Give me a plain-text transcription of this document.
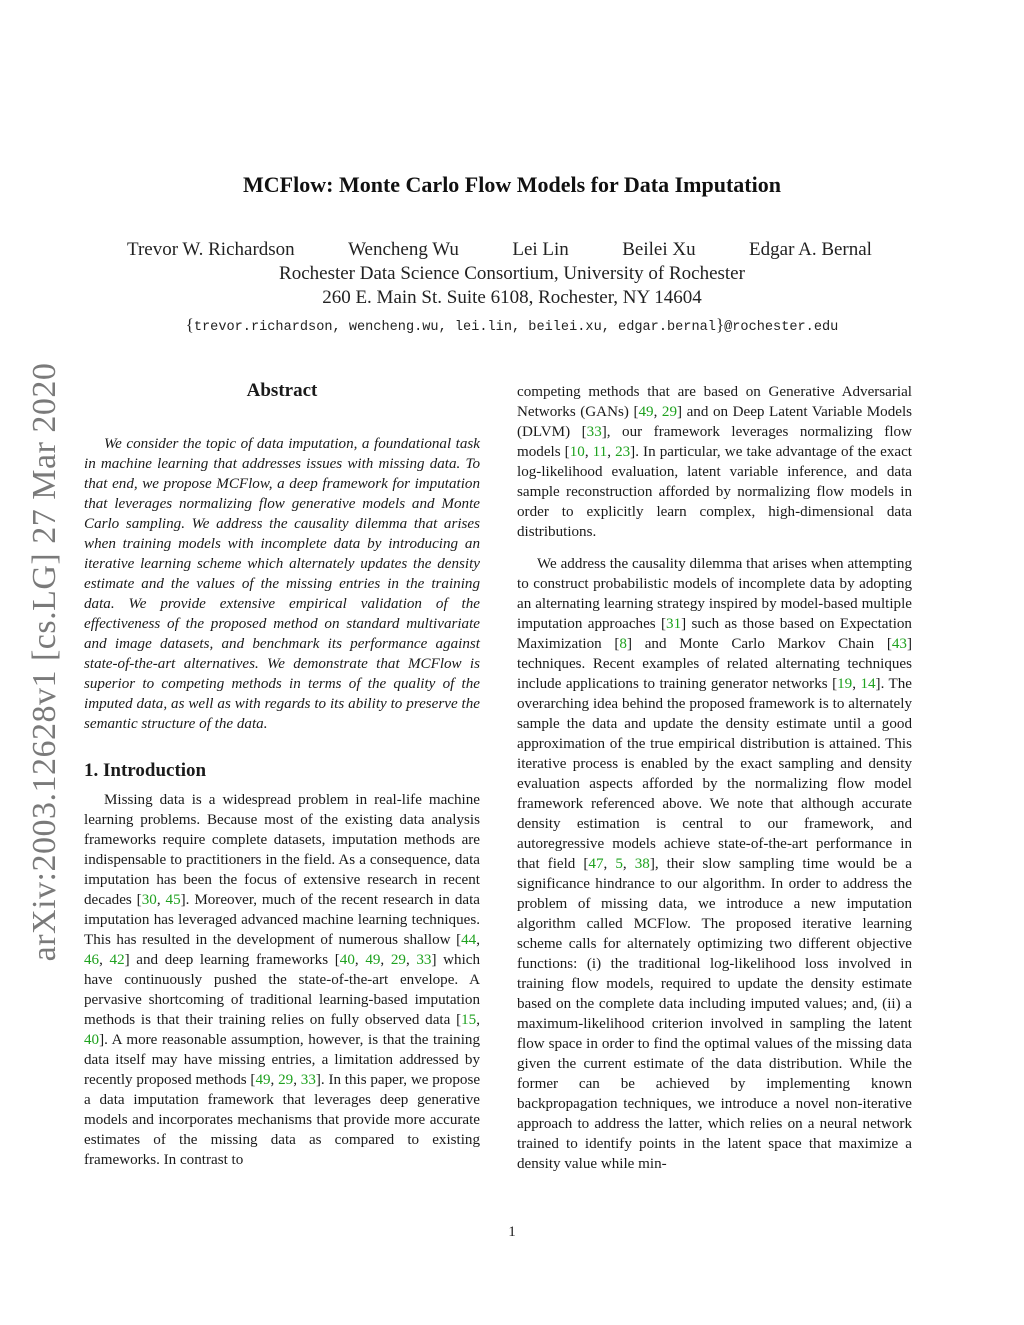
arXiv:2003.12628v1 [cs.LG] 27 Mar 2020
MCFlow: Monte Carlo Flow Models for Data Imputation
Trevor W. Richardson	Wencheng Wu	Lei Lin	Beilei Xu	Edgar A. Bernal
Rochester Data Science Consortium, University of Rochester
260 E. Main St. Suite 6108, Rochester, NY 14604
{trevor.richardson, wencheng.wu, lei.lin, beilei.xu, edgar.bernal}@rochester.edu
Abstract

We consider the topic of data imputation, a foundational task in machine learning that addresses issues with missing data. To that end, we propose MCFlow, a deep framework for imputation that leverages normalizing flow generative models and Monte Carlo sampling. We address the causality dilemma that arises when training models with incomplete data by introducing an iterative learning scheme which alternately updates the density estimate and the values of the missing entries in the training data. We provide extensive empirical validation of the effectiveness of the proposed method on standard multivariate and image datasets, and benchmark its performance against state-of-the-art alternatives. We demonstrate that MCFlow is superior to competing methods in terms of the quality of the imputed data, as well as with regards to its ability to preserve the semantic structure of the data.

1. Introduction

Missing data is a widespread problem in real-life machine learning problems. Because most of the existing data analysis frameworks require complete datasets, imputation methods are indispensable to practitioners in the field. As a consequence, data imputation has been the focus of extensive research in recent decades [30, 45]. Moreover, much of the recent research in data imputation has leveraged advanced machine learning techniques. This has resulted in the development of numerous shallow [44, 46, 42] and deep learning frameworks [40, 49, 29, 33] which have continuously pushed the state-of-the-art envelope. A pervasive shortcoming of traditional learning-based imputation methods is that their training relies on fully observed data [15, 40]. A more reasonable assumption, however, is that the training data itself may have missing entries, a limitation addressed by recently proposed methods [49, 29, 33]. In this paper, we propose a data imputation framework that leverages deep generative models and incorporates mechanisms that provide more accurate estimates of the missing data as compared to existing frameworks. In contrast to

competing methods that are based on Generative Adversarial Networks (GANs) [49, 29] and on Deep Latent Variable Models (DLVM) [33], our framework leverages normalizing flow models [10, 11, 23]. In particular, we take advantage of the exact log-likelihood evaluation, latent variable inference, and data sample reconstruction afforded by normalizing flow models in order to explicitly learn complex, high-dimensional data distributions.

We address the causality dilemma that arises when attempting to construct probabilistic models of incomplete data by adopting an alternating learning strategy inspired by model-based multiple imputation approaches [31] such as those based on Expectation Maximization [8] and Monte Carlo Markov Chain [43] techniques. Recent examples of related alternating techniques include applications to training generator networks [19, 14]. The overarching idea behind the proposed framework is to alternately sample the data and update the density estimate until a good approximation of the true empirical distribution is attained. This iterative process is enabled by the exact sampling and density evaluation aspects afforded by the normalizing flow model framework referenced above. We note that although accurate density estimation is central to our framework, and autoregressive models achieve state-of-the-art performance in that field [47, 5, 38], their slow sampling time would be a significance hindrance to our algorithm. In order to address the problem of missing data, we introduce a new imputation algorithm called MCFlow. The proposed iterative learning scheme calls for alternately optimizing two different objective functions: (i) the traditional log-likelihood loss involved in training flow models, required to update the density estimate based on the complete data including imputed values; and, (ii) a maximum-likelihood criterion involved in sampling the latent flow space in order to find the optimal values of the missing data given the current estimate of the data distribution. While the former can be achieved by implementing known backpropagation techniques, we introduce a novel non-iterative approach to address the latter, which relies on a neural network trained to identify points in the latent space that maximize a density value while min-

1
